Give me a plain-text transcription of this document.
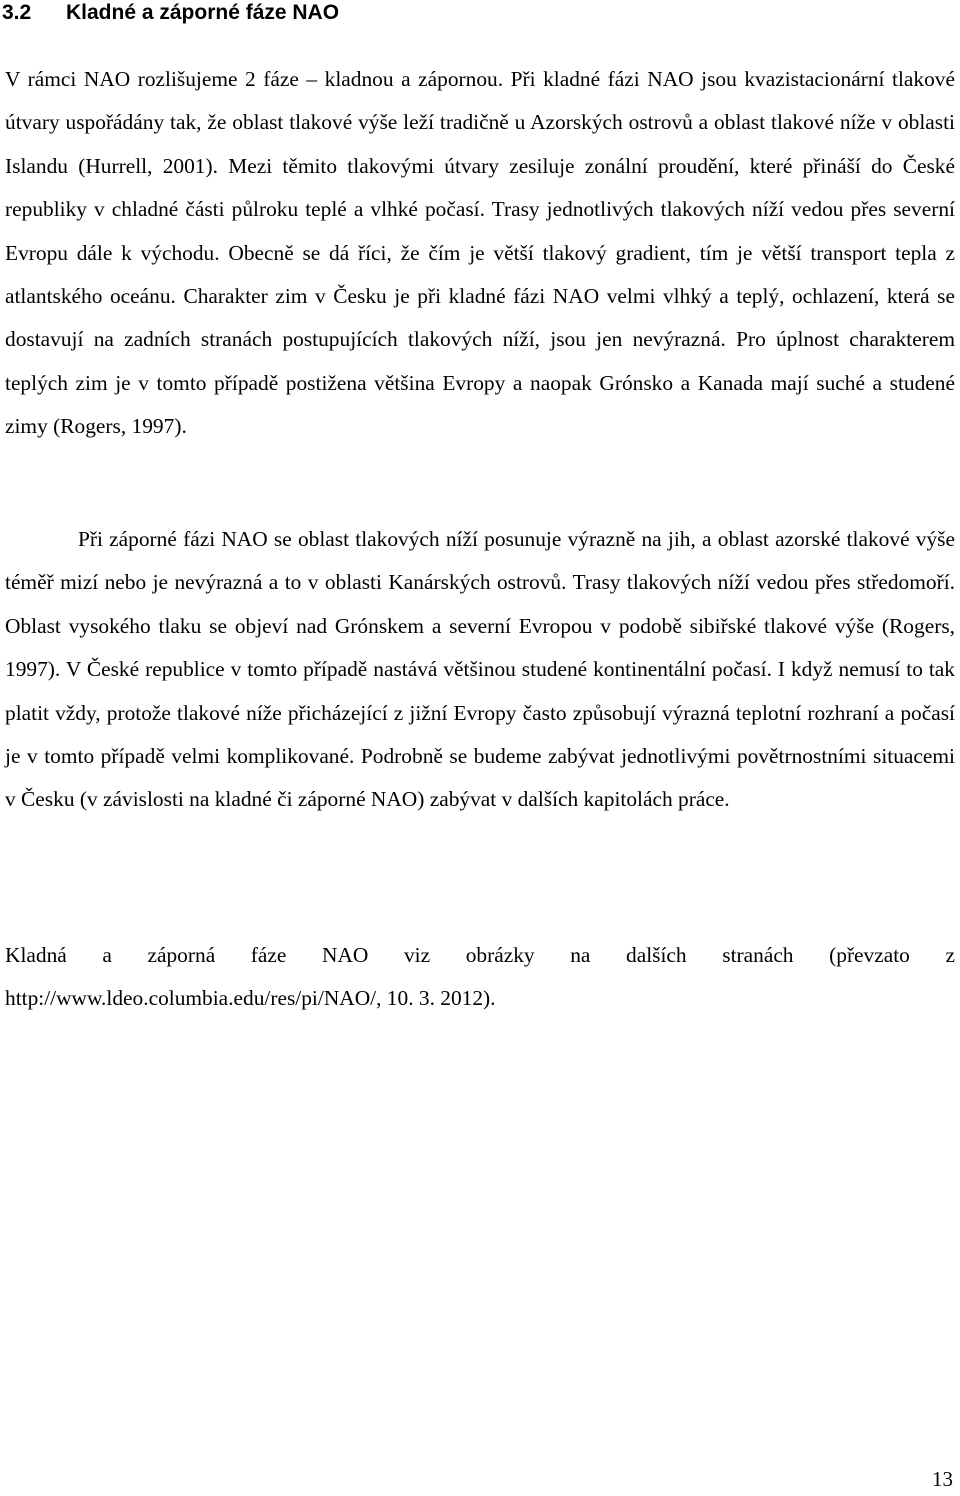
3.2 Kladné a záporné fáze NAO

V rámci NAO rozlišujeme 2 fáze – kladnou a zápornou. Při kladné fázi NAO jsou kvazistacionární tlakové útvary uspořádány tak, že oblast tlakové výše leží tradičně u Azorských ostrovů a oblast tlakové níže v oblasti Islandu (Hurrell, 2001). Mezi těmito tlakovými útvary zesiluje zonální proudění, které přináší do České republiky v chladné části půlroku teplé a vlhké počasí. Trasy jednotlivých tlakových níží vedou přes severní Evropu dále k východu. Obecně se dá říci, že čím je větší tlakový gradient, tím je větší transport tepla z atlantského oceánu. Charakter zim v Česku je při kladné fázi NAO velmi vlhký a teplý, ochlazení, která se dostavují na zadních stranách postupujících tlakových níží, jsou jen nevýrazná. Pro úplnost charakterem teplých zim je v tomto případě postižena většina Evropy a naopak Grónsko a Kanada mají suché a studené zimy (Rogers, 1997).

Při záporné fázi NAO se oblast tlakových níží posunuje výrazně na jih, a oblast azorské tlakové výše téměř mizí nebo je nevýrazná a to v oblasti Kanárských ostrovů. Trasy tlakových níží vedou přes středomoří. Oblast vysokého tlaku se objeví nad Grónskem a severní Evropou v podobě sibiřské tlakové výše (Rogers, 1997). V České republice v tomto případě nastává většinou studené kontinentální počasí. I když nemusí to tak platit vždy, protože tlakové níže přicházející z jižní Evropy často způsobují výrazná teplotní rozhraní a počasí je v tomto případě velmi komplikované. Podrobně se budeme zabývat jednotlivými povětrnostními situacemi v Česku (v závislosti na kladné či záporné NAO) zabývat v dalších kapitolách práce.

Kladná a záporná fáze NAO viz obrázky na dalších stranách (převzato z http://www.ldeo.columbia.edu/res/pi/NAO/, 10. 3. 2012).

13
